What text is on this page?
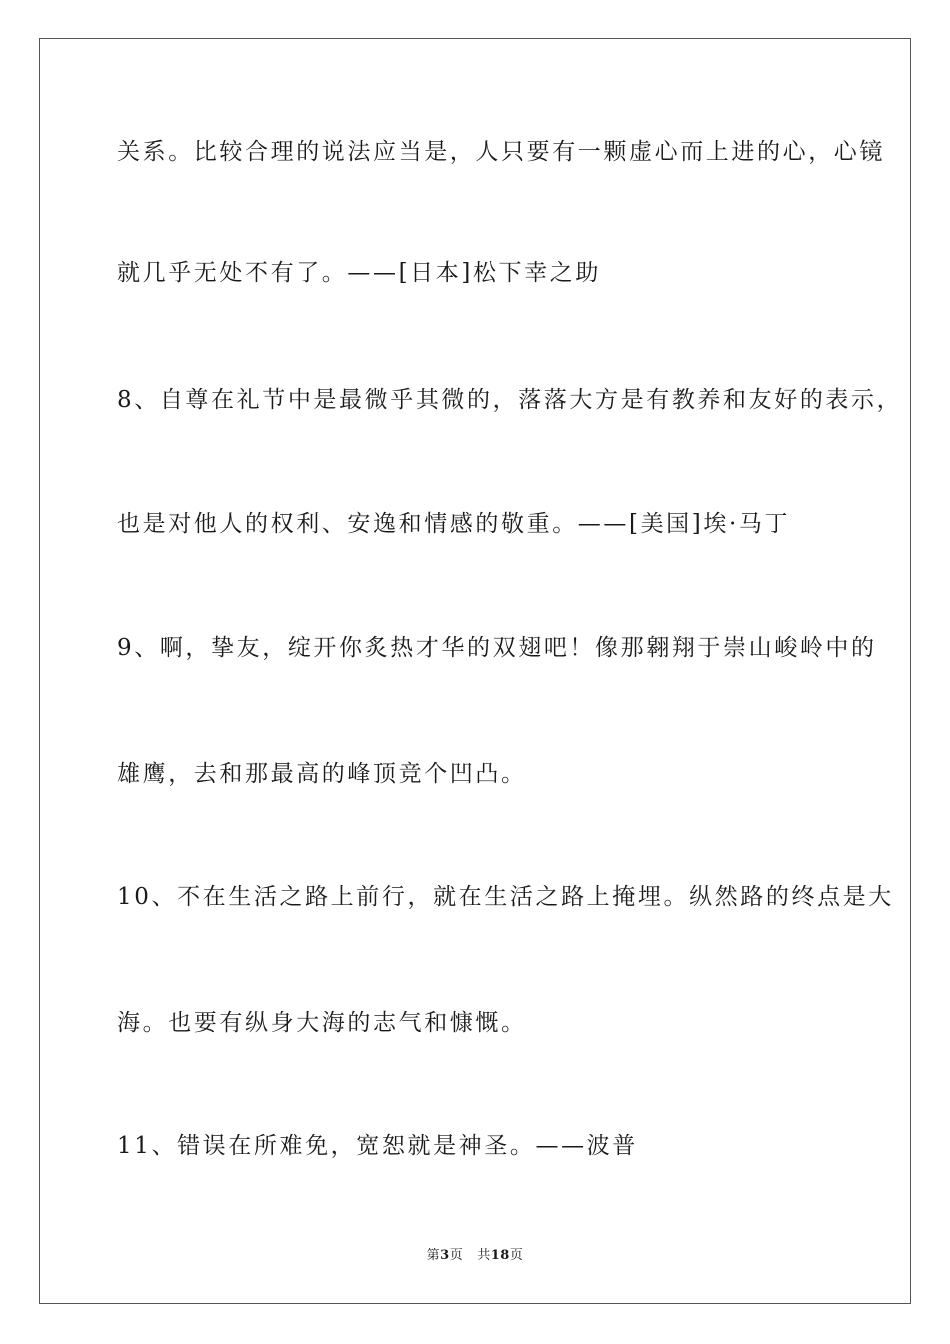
关系。比较合理的说法应当是，人只要有一颗虚心而上进的心，心镜
就几乎无处不有了。——[日本]松下幸之助
8、自尊在礼节中是最微乎其微的，落落大方是有教养和友好的表示，
也是对他人的权利、安逸和情感的敬重。——[美国]埃·马丁
9、啊，挚友，绽开你炙热才华的双翅吧！像那翱翔于崇山峻岭中的
雄鹰，去和那最高的峰顶竞个凹凸。
10、不在生活之路上前行，就在生活之路上掩埋。纵然路的终点是大
海。也要有纵身大海的志气和慷慨。
11、错误在所难免，宽恕就是神圣。——波普
第3页 共18页
